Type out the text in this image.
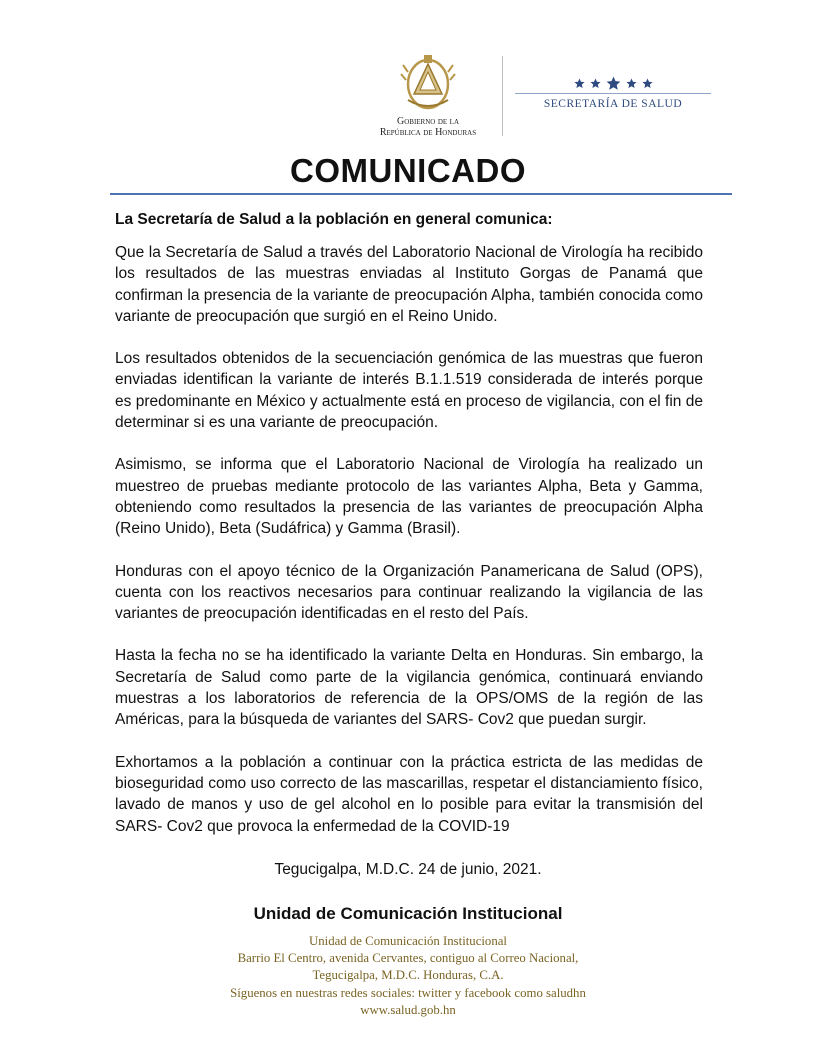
Gobierno de la
República de Honduras
SECRETARÍA DE SALUD
COMUNICADO

La Secretaría de Salud a la población en general comunica:

Que la Secretaría de Salud a través del Laboratorio Nacional de Virología ha recibido los resultados de las muestras enviadas al Instituto Gorgas de Panamá que confirman la presencia de la variante de preocupación Alpha, también conocida como variante de preocupación que surgió en el Reino Unido.

Los resultados obtenidos de la secuenciación genómica de las muestras que fueron enviadas identifican la variante de interés B.1.1.519 considerada de interés porque es predominante en México y actualmente está en proceso de vigilancia, con el fin de determinar si es una variante de preocupación.

Asimismo, se informa que el Laboratorio Nacional de Virología ha realizado un muestreo de pruebas mediante protocolo de las variantes Alpha, Beta y Gamma, obteniendo como resultados la presencia de las variantes de preocupación Alpha (Reino Unido), Beta (Sudáfrica) y Gamma (Brasil).

Honduras con el apoyo técnico de la Organización Panamericana de Salud (OPS), cuenta con los reactivos necesarios para continuar realizando la vigilancia de las variantes de preocupación identificadas en el resto del País.

Hasta la fecha no se ha identificado la variante Delta en Honduras. Sin embargo, la Secretaría de Salud como parte de la vigilancia genómica, continuará enviando muestras a los laboratorios de referencia de la OPS/OMS de la región de las Américas, para la búsqueda de variantes del SARS- Cov2 que puedan surgir.

Exhortamos a la población a continuar con la práctica estricta de las medidas de bioseguridad como uso correcto de las mascarillas, respetar el distanciamiento físico, lavado de manos y uso de gel alcohol en lo posible para evitar la transmisión del SARS- Cov2 que provoca la enfermedad de la COVID-19

Tegucigalpa, M.D.C. 24 de junio, 2021.
Unidad de Comunicación Institucional
Unidad de Comunicación Institucional
Barrio El Centro, avenida Cervantes, contiguo al Correo Nacional,
Tegucigalpa, M.D.C. Honduras, C.A.
Síguenos en nuestras redes sociales: twitter y facebook como saludhn
www.salud.gob.hn
